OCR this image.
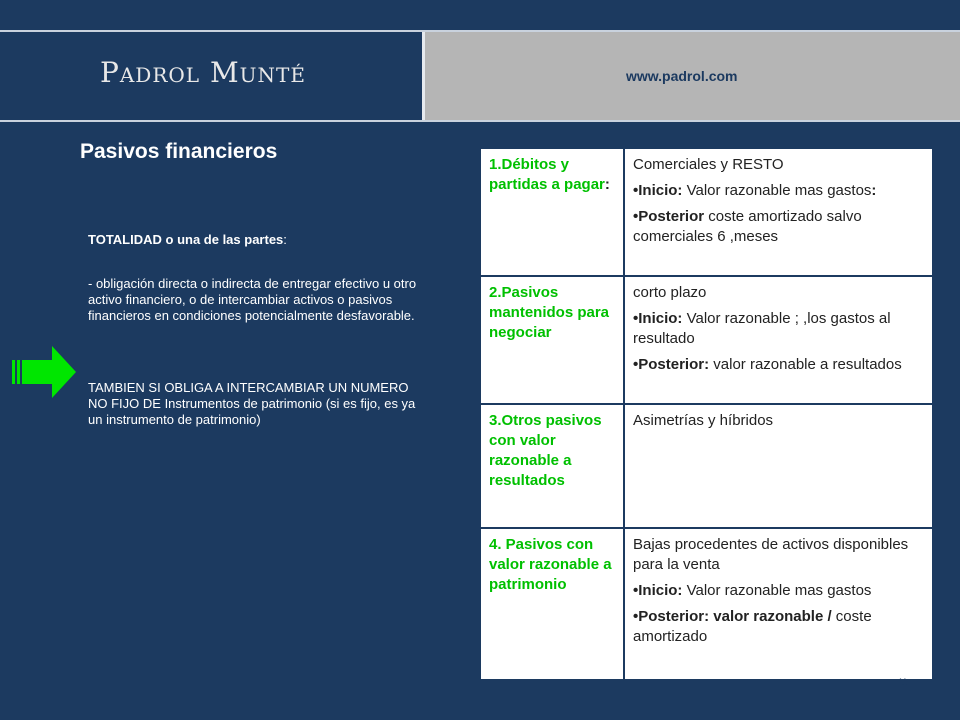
Padrol Munté	www.padrol.com
Pasivos financieros

TOTALIDAD o una de las partes:

- obligación directa o indirecta de entregar efectivo u otro activo financiero, o de intercambiar activos o pasivos financieros en condiciones potencialmente desfavorable.

TAMBIEN SI OBLIGA A INTERCAMBIAR UN NUMERO NO FIJO DE Instrumentos de patrimonio (si es fijo, es ya un instrumento de patrimonio)

1.Débitos y partidas a pagar:	Comerciales y RESTO

•Inicio: Valor razonable mas gastos:

•Posterior coste amortizado salvo comerciales 6 ,meses

2.Pasivos mantenidos para negociar	corto plazo

•Inicio: Valor razonable ; ,los gastos al resultado

•Posterior: valor razonable a resultados

3.Otros pasivos con valor razonable a resultados	Asimetrías y híbridos

4. Pasivos con valor razonable a patrimonio	Bajas procedentes de activos disponibles para la venta

•Inicio: Valor razonable mas gastos

•Posterior: valor razonable / coste amortizado

11
